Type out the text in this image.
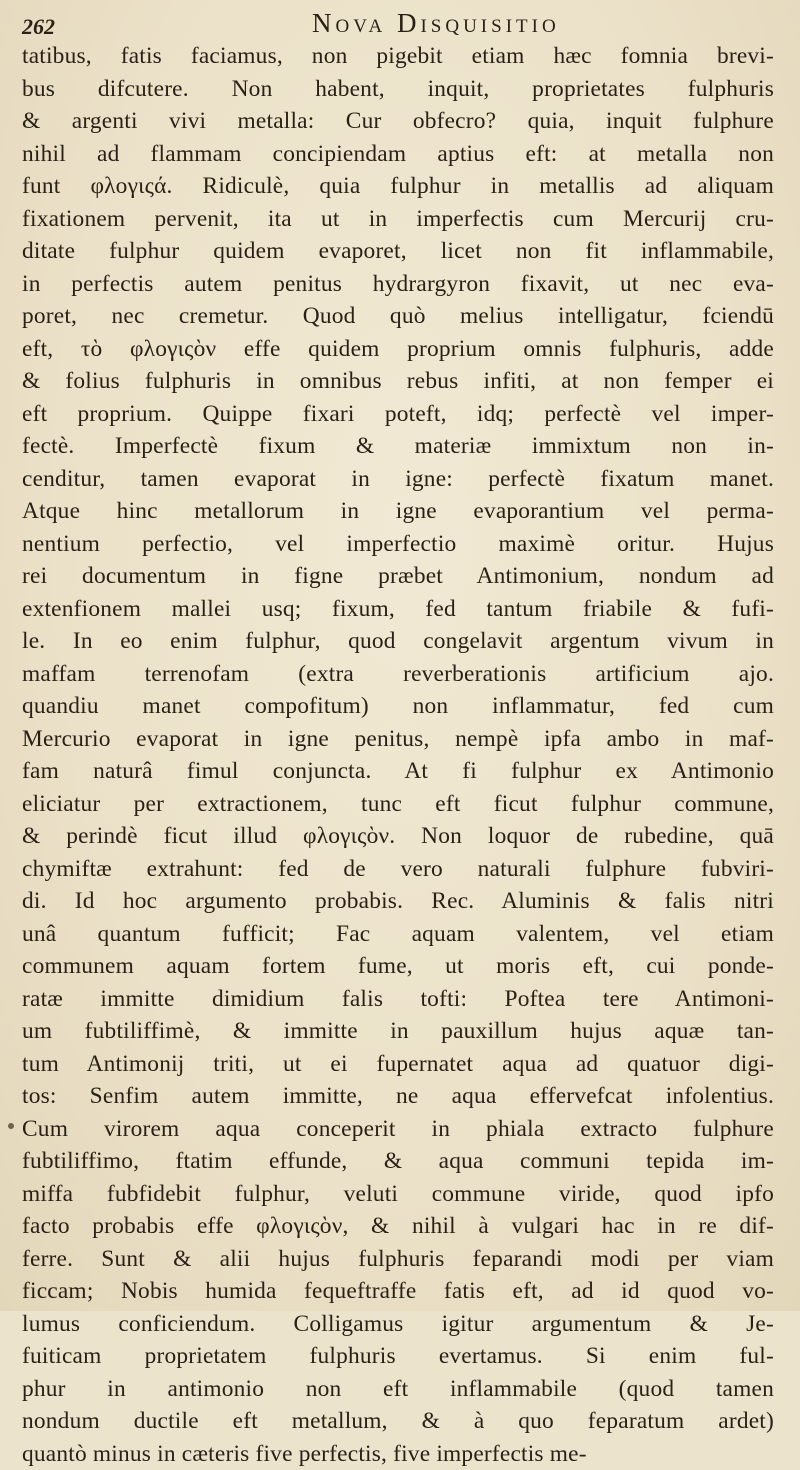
262	Nova Disquisitio
tatibus, fatis faciamus, non pigebit etiam hæc fomnia brevi-
bus difcutere. Non habent, inquit, proprietates fulphuris
& argenti vivi metalla: Cur obfecro? quia, inquit fulphure
nihil ad flammam concipiendam aptius eft: at metalla non
funt φλογιςά. Ridiculè, quia fulphur in metallis ad aliquam
fixationem pervenit, ita ut in imperfectis cum Mercurij cru-
ditate fulphur quidem evaporet, licet non fit inflammabile,
in perfectis autem penitus hydrargyron fixavit, ut nec eva-
poret, nec cremetur. Quod quò melius intelligatur, fciendū
eft, τὸ φλογιςὸν effe quidem proprium omnis fulphuris, adde
& folius fulphuris in omnibus rebus infiti, at non femper ei
eft proprium. Quippe fixari poteft, idq; perfectè vel imper-
fectè. Imperfectè fixum & materiæ immixtum non in-
cenditur, tamen evaporat in igne: perfectè fixatum manet.
Atque hinc metallorum in igne evaporantium vel perma-
nentium perfectio, vel imperfectio maximè oritur. Hujus
rei documentum in figne præbet Antimonium, nondum ad
extenfionem mallei usq; fixum, fed tantum friabile & fufi-
le. In eo enim fulphur, quod congelavit argentum vivum in
maffam terrenofam (extra reverberationis artificium ajo.
quandiu manet compofitum) non inflammatur, fed cum
Mercurio evaporat in igne penitus, nempè ipfa ambo in maf-
fam naturâ fimul conjuncta. At fi fulphur ex Antimonio
eliciatur per extractionem, tunc eft ficut fulphur commune,
& perindè ficut illud φλογιςὸν. Non loquor de rubedine, quā
chymiftæ extrahunt: fed de vero naturali fulphure fubviri-
di. Id hoc argumento probabis. Rec. Aluminis & falis nitri
unâ quantum fufficit; Fac aquam valentem, vel etiam
communem aquam fortem fume, ut moris eft, cui ponde-
ratæ immitte dimidium falis tofti: Poftea tere Antimoni-
um fubtiliffimè, & immitte in pauxillum hujus aquæ tan-
tum Antimonij triti, ut ei fupernatet aqua ad quatuor digi-
tos: Senfim autem immitte, ne aqua effervefcat infolentius.
Cum virorem aqua conceperit in phiala extracto fulphure
fubtiliffimo, ftatim effunde, & aqua communi tepida im-
miffa fubfidebit fulphur, veluti commune viride, quod ipfo
facto probabis effe φλογιςὸν, & nihil à vulgari hac in re dif-
ferre. Sunt & alii hujus fulphuris feparandi modi per viam
ficcam; Nobis humida fequeftraffe fatis eft, ad id quod vo-
lumus conficiendum. Colligamus igitur argumentum & Je-
fuiticam proprietatem fulphuris evertamus. Si enim ful-
phur in antimonio non eft inflammabile (quod tamen
nondum ductile eft metallum, & à quo feparatum ardet)
quantò minus in cæteris five perfectis, five imperfectis me-
